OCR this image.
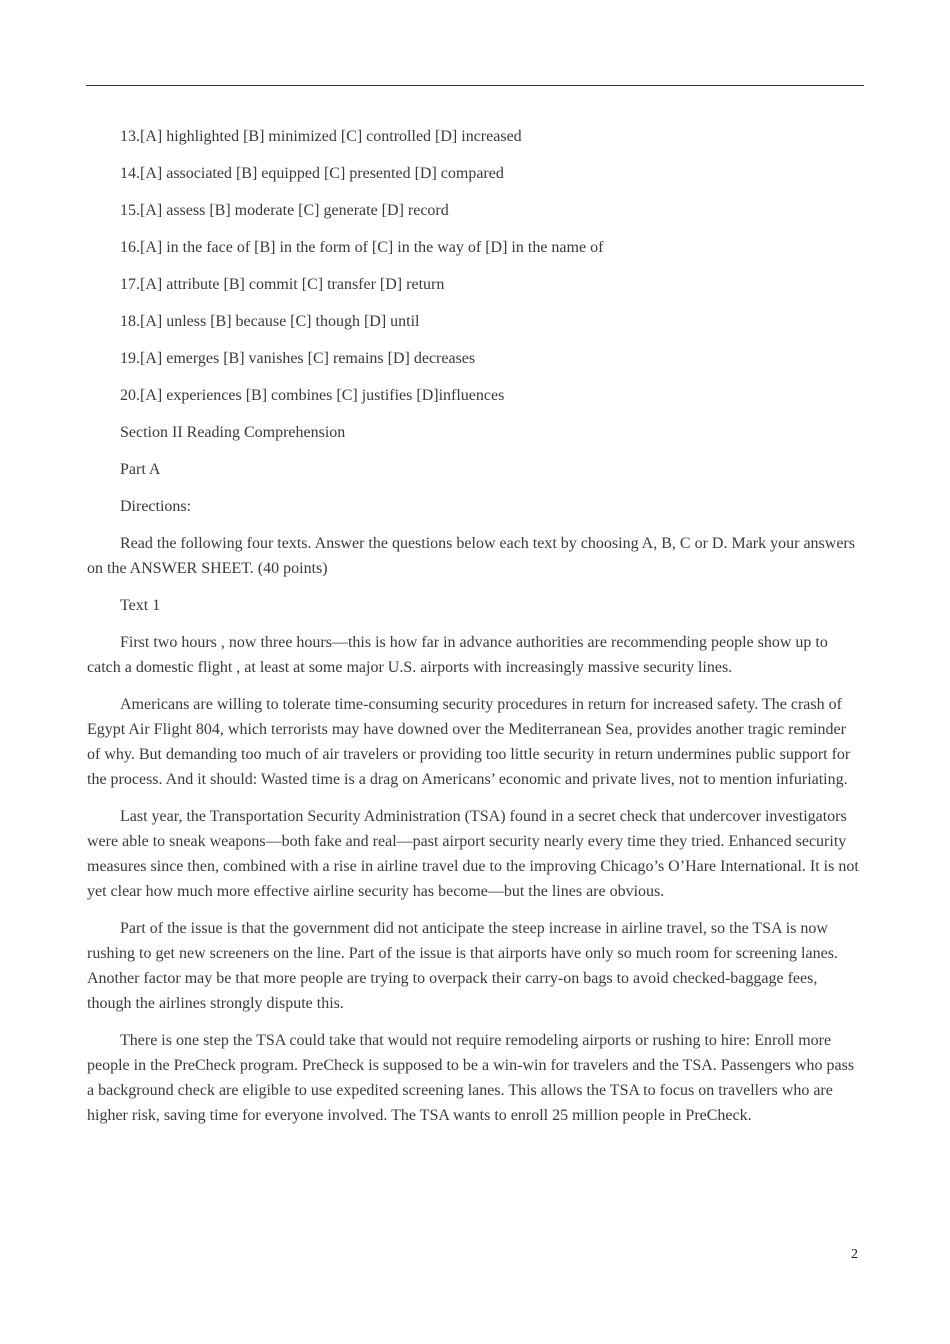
13.[A] highlighted [B] minimized [C] controlled [D] increased

14.[A] associated [B] equipped [C] presented [D] compared

15.[A] assess [B] moderate [C] generate [D] record

16.[A] in the face of [B] in the form of [C] in the way of [D] in the name of

17.[A] attribute [B] commit [C] transfer [D] return

18.[A] unless [B] because [C] though [D] until

19.[A] emerges [B] vanishes [C] remains [D] decreases

20.[A] experiences [B] combines [C] justifies [D]influences

Section II Reading Comprehension

Part A

Directions:

Read the following four texts. Answer the questions below each text by choosing A, B, C or D. Mark your answers on the ANSWER SHEET. (40 points)

Text 1

First two hours , now three hours—this is how far in advance authorities are recommending people show up to catch a domestic flight , at least at some major U.S. airports with increasingly massive security lines.

Americans are willing to tolerate time-consuming security procedures in return for increased safety. The crash of Egypt Air Flight 804, which terrorists may have downed over the Mediterranean Sea, provides another tragic reminder of why. But demanding too much of air travelers or providing too little security in return undermines public support for the process. And it should: Wasted time is a drag on Americans’ economic and private lives, not to mention infuriating.

Last year, the Transportation Security Administration (TSA) found in a secret check that undercover investigators were able to sneak weapons—both fake and real—past airport security nearly every time they tried. Enhanced security measures since then, combined with a rise in airline travel due to the improving Chicago’s O’Hare International. It is not yet clear how much more effective airline security has become—but the lines are obvious.

Part of the issue is that the government did not anticipate the steep increase in airline travel, so the TSA is now rushing to get new screeners on the line. Part of the issue is that airports have only so much room for screening lanes. Another factor may be that more people are trying to overpack their carry-on bags to avoid checked-baggage fees, though the airlines strongly dispute this.

There is one step the TSA could take that would not require remodeling airports or rushing to hire: Enroll more people in the PreCheck program. PreCheck is supposed to be a win-win for travelers and the TSA. Passengers who pass a background check are eligible to use expedited screening lanes. This allows the TSA to focus on travellers who are higher risk, saving time for everyone involved. The TSA wants to enroll 25 million people in PreCheck.

2
